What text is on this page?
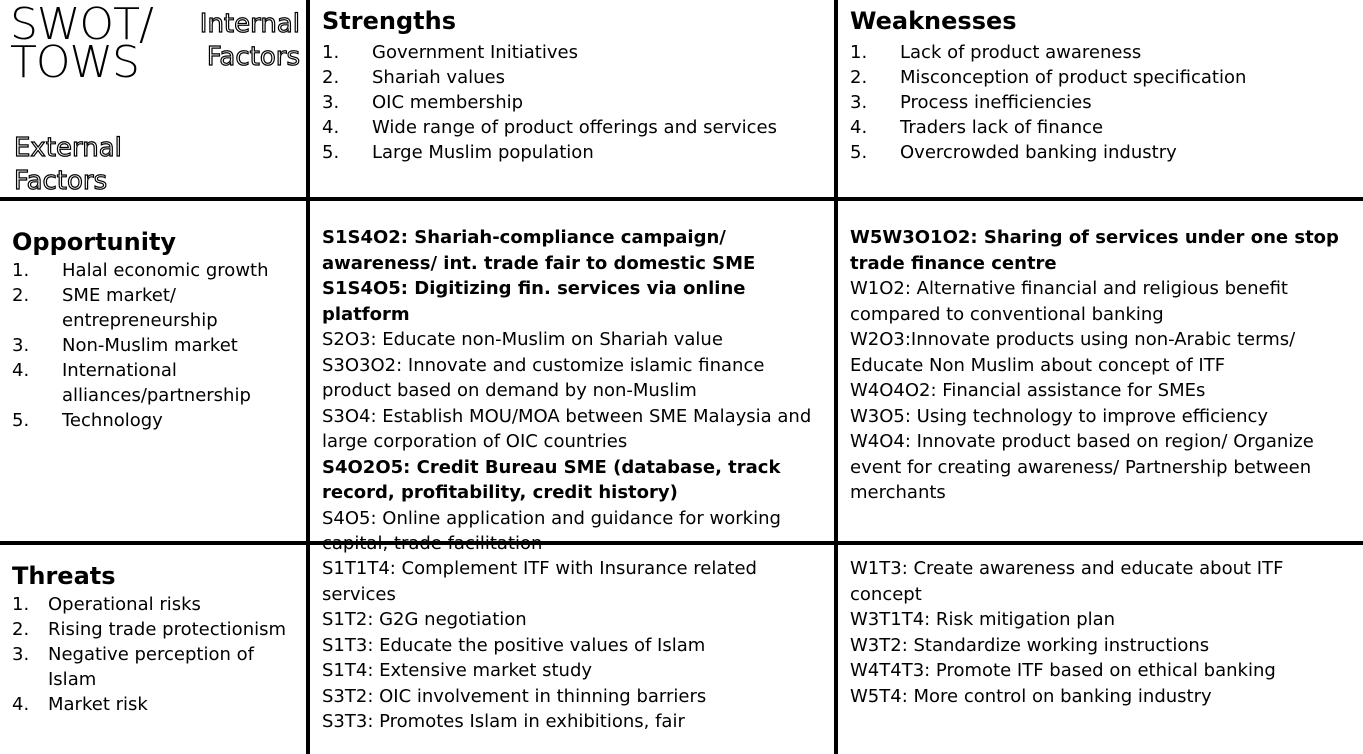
SWOT/
TOWS
Internal
Factors
External
Factors
Strengths
1. Government Initiatives
2. Shariah values
3. OIC membership
4. Wide range of product offerings and services
5. Large Muslim population
Weaknesses
1. Lack of product awareness
2. Misconception of product specification
3. Process inefficiencies
4. Traders lack of finance
5. Overcrowded banking industry
Opportunity
1. Halal economic growth
2. SME market/ entrepreneurship
3. Non-Muslim market
4. International alliances/partnership
5. Technology
Threats
1. Operational risks
2. Rising trade protectionism
3. Negative perception of Islam
4. Market risk

S1S4O2: Shariah-compliance campaign/ awareness/ int. trade fair to domestic SME

S1S4O5: Digitizing fin. services via online platform

S2O3: Educate non-Muslim on Shariah value

S3O3O2: Innovate and customize islamic finance product based on demand by non-Muslim

S3O4: Establish MOU/MOA between SME Malaysia and large corporation of OIC countries

S4O2O5: Credit Bureau SME (database, track record, profitability, credit history)

S4O5: Online application and guidance for working capital, trade facilitation

W5W3O1O2: Sharing of services under one stop trade finance centre

W1O2: Alternative financial and religious benefit compared to conventional banking

W2O3:Innovate products using non-Arabic terms/ Educate Non Muslim about concept of ITF

W4O4O2: Financial assistance for SMEs

W3O5: Using technology to improve efficiency

W4O4: Innovate product based on region/ Organize event for creating awareness/ Partnership between merchants

S1T1T4: Complement ITF with Insurance related services

S1T2: G2G negotiation

S1T3: Educate the positive values of Islam

S1T4: Extensive market study

S3T2: OIC involvement in thinning barriers

S3T3: Promotes Islam in exhibitions, fair

W1T3: Create awareness and educate about ITF concept

W3T1T4: Risk mitigation plan

W3T2: Standardize working instructions

W4T4T3: Promote ITF based on ethical banking

W5T4: More control on banking industry
